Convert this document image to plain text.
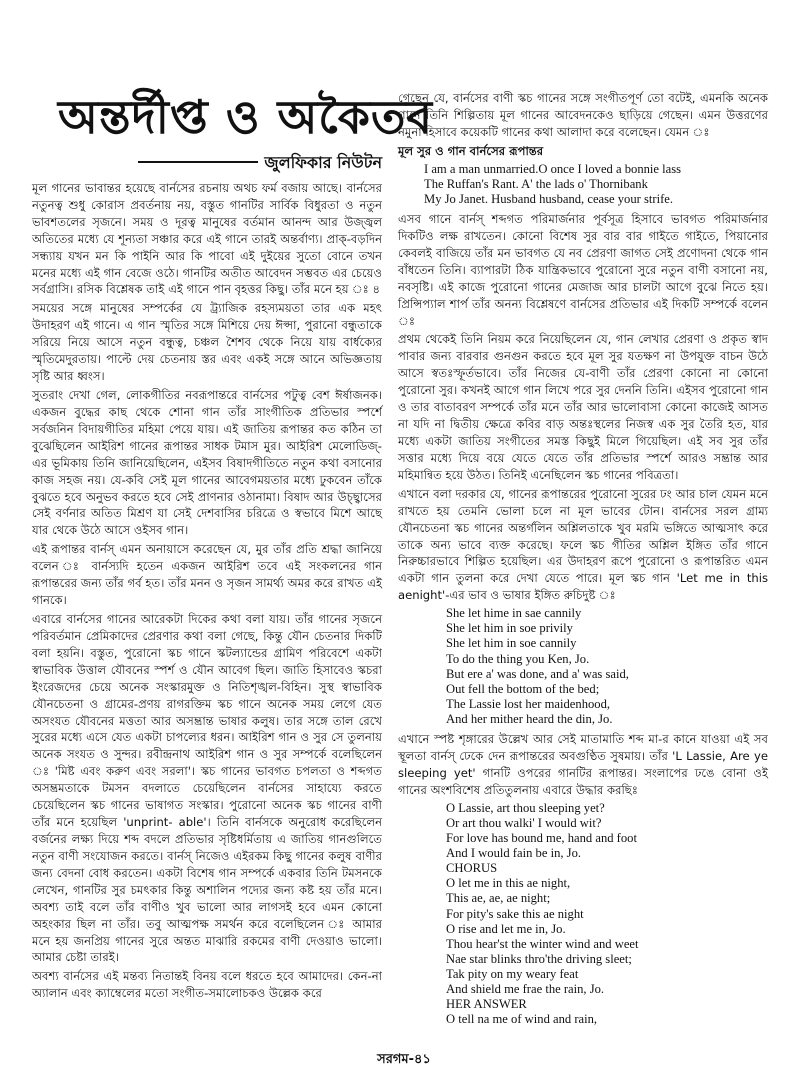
অন্তর্দীপ্ত ও অকৈতব
জুলফিকার নিউটন

মূল গানের ভাবান্তর হয়েছে বার্নসের রচনায় অথচ ফর্ম বজায় আছে। বার্নসের নতুনত্ব শুধু কোরাস প্রবর্তনায় নয়, বস্তুত গানটির সার্বিক বিধুরতা ও নতুন ভাবশতলের সৃজনে। সময় ও দূরত্ব মানুষের বর্তমান আনন্দ আর উজ্জ্বল অতিতের মধ্যে যে শূন্যতা সঞ্চার করে এই গানে তারই অন্তর্বাণ্য। প্রাক্-বড়দিন সন্ধ্যায় যখন মন কি পাইনি আর কি পাবো এই দুইয়ের সুতো বোনে তখন মনের মধ্যে এই গান বেজে ওঠে। গানটির অতীত আবেদন সম্ভবত এর চেয়েও সর্বগ্রাসি। রসিক বিশ্লেষক তাই এই গানে পান বৃহত্তর কিছু। তাঁর মনে হয় ঃ ৪

সময়ের সঙ্গে মানুষের সম্পর্কের যে ট্র্যাজিক রহস্যময়তা তার এক মহৎ উদাহরণ এই গানে। এ গান স্মৃতির সঙ্গে মিশিয়ে দেয় ঈপ্সা, পুরানো বন্ধুতাকে সরিয়ে নিয়ে আসে নতুন বন্ধুত্ব, চঞ্চল শৈশব থেকে নিয়ে যায় বার্ধক্যের স্মৃতিমেদুরতায়। পাল্টে দেয় চেতনায় স্তর এবং একই সঙ্গে আনে অভিজ্ঞতায় সৃষ্টি আর ধ্বংস।

সুতরাং দেখা গেল, লোকগীতির নবরূপান্তরে বার্নসের পটুত্ব বেশ ঈর্ষাজনক। একজন বুদ্ধের কাছ থেকে শোনা গান তাঁর সাংগীতিক প্রতিভার স্পর্শে সর্বজনিন বিদায়গীতির মহিমা পেয়ে যায়। এই জাতিয় রূপান্তর কত কঠিন তা বুঝেছিলেন আইরিশ গানের রূপান্তর সাধক টমাস মুর। আইরিশ মেলোডিজ্-এর ভূমিকায় তিনি জানিয়েছিলেন, এইসব বিষাদগীতিতে নতুন কথা বসানোর কাজ সহজ নয়। যে-কবি সেই মূল গানের আবেগময়তার মধ্যে ঢুকবেন তাঁকে বুঝতে হবে অনুভব করতে হবে সেই প্রাণনার ওঠানামা। বিষাদ আর উচ্ছ্বাসের সেই বর্ণনার অতিত মিশ্রণ যা সেই দেশবাসির চরিত্রে ও স্বভাবে মিশে আছে যার থেকে উঠে আসে ওইসব গান।

এই রূপান্তর বার্নস্ এমন অনায়াসে করেছেন যে, মুর তাঁর প্রতি শ্রদ্ধা জানিয়ে বলেন ঃ বার্নস্যদি হতেন একজন আইরিশ তবে এই সংকলনের গান রূপান্তরের জন্য তাঁর গর্ব হত। তাঁর মনন ও সৃজন সামর্থ্য অমর করে রাখত এই গানকে।

এবারে বার্নসের গানের আরেকটা দিকের কথা বলা যায়। তাঁর গানের সৃজনে পরিবর্তমান প্রেমিকাদের প্রেরণার কথা বলা গেছে, কিন্তু যৌন চেতনার দিকটি বলা হয়নি। বস্তুত, পুরোনো স্কচ গানে স্কটল্যান্ডের গ্রামিণ পরিবেশে একটা স্বাভাবিক উত্তাল যৌবনের স্পর্শ ও যৌন আবেগ ছিল। জাতি হিসাবেও স্কচরা ইংরেজদের চেয়ে অনেক সংস্কারমুক্ত ও নিতিশৃঙ্খল-বিহিন। সুস্থ স্বাভাবিক যৌনচেতনা ও গ্রামের-প্রণয় রাগরক্তিম স্কচ গানে অনেক সময় লেগে যেত অসংযত যৌবনের মত্ততা আর অসম্ভ্রান্ত ভাষার কলুষ। তার সঙ্গে তাল রেখে সুরের মধ্যে এসে যেত একটা চাপল্যের ধরন। আইরিশ গান ও সুর সে তুলনায় অনেক সংযত ও সুন্দর। রবীন্দ্রনাথ আইরিশ গান ও সুর সম্পর্কে বলেছিলেন ঃ 'মিষ্ট এবং করুণ এবং সরলা'। স্কচ গানের ভাবগত চপলতা ও শব্দগত অসম্ভ্রমতাকে টমসন বদলাতে চেয়েছিলেন বার্নসের সাহায্যে করতে চেয়েছিলেন স্কচ গানের ভাষাগত সংস্কার। পুরোনো অনেক স্কচ গানের বাণী তাঁর মনে হয়েছিল 'unprint- able'। তিনি বার্নসকে অনুরোধ করেছিলেন বর্জনের লক্ষ্য দিয়ে শব্দ বদলে প্রতিভার সৃষ্টিধর্মিতায় এ জাতিয় গানগুলিতে নতুন বাণী সংযোজন করতে। বার্নস্ নিজেও এইরকম কিছু গানের কলুষ বাণীর জন্য বেদনা বোধ করতেন। একটা বিশেষ গান সম্পর্কে একবার তিনি টমসনকে লেখেন, গানটির সুর চমৎকার কিন্তু অশালিন পদ্যের জন্য কষ্ট হয় তাঁর মনে। অবশ্য তাই বলে তাঁর বাণীও খুব ভালো আর লাগসই হবে এমন কোনো অহংকার ছিল না তাঁর। তবু আত্মপক্ষ সমর্থন করে বলেছিলেন ঃ আমার মনে হয় জনপ্রিয় গানের সুরে অন্তত মাঝারি রকমের বাণী দেওয়াও ভালো। আমার চেষ্টা তারই।

অবশ্য বার্নসের এই মন্তব্য নিতান্তই বিনয় বলে ধরতে হবে আমাদের। কেন-না অ্যালান এবং ক্যাম্বেলের মতো সংগীত-সমালোচকও উল্লেক করে

গেছেন যে, বার্নসের বাণী স্কচ গানের সঙ্গে সংগীতপূর্ণ তো বটেই, এমনকি অনেক গানে তিনি শিল্পিতায় মূল গানের আবেদনকেও ছাড়িয়ে গেছেন। এমন উত্তরণের নমুনা হিসাবে কয়েকটি গানের কথা আলাদা করে বলেছেন। যেমন ঃ

মূল সুর ও গান বার্নসের রূপান্তর

I am a man unmarried.O once I loved a bonnie lass
The Ruffan's Rant. A' the lads o' Thornibank
My Jo Janet. Husband husband, cease your strife.

এসব গানে বার্নস্ শব্দগত পরিমার্জনার পূর্বসূত্র হিসাবে ভাবগত পরিমার্জনার দিকটিও লক্ষ রাখতেন। কোনো বিশেষ সুর বার বার গাইতে গাইতে, পিয়ানোর কেবলই বাজিয়ে তাঁর মন ভাবগত যে নব প্রেরণা জাগত সেই প্রণোদনা থেকে গান বাঁধতেন তিনি। ব্যাপারটা ঠিক যান্ত্রিকভাবে পুরোনো সুরে নতুন বাণী বসানো নয়, নবসৃষ্টি। এই কাজে পুরোনো গানের মেজাজ আর চালটা আগে বুঝে নিতে হয়। প্রিন্সিপ্যাল শার্প তাঁর অনন্য বিশ্লেষণে বার্নসের প্রতিভার এই দিকটি সম্পর্কে বলেন ঃ

প্রথম থেকেই তিনি নিয়ম করে নিয়েছিলেন যে, গান লেখার প্রেরণা ও প্রকৃত স্বাদ পাবার জন্য বারবার গুনগুন করতে হবে মূল সুর যতক্ষণ না উপযুক্ত বাচন উঠে আসে স্বতঃস্ফূর্তভাবে। তাঁর নিজের যে-বাণী তাঁর প্রেরণা কোনো না কোনো পুরোনো সুর। কখনই আগে গান লিখে পরে সুর দেননি তিনি। এইসব পুরোনো গান ও তার বাতাবরণ সম্পর্কে তাঁর মনে তাঁর আর ভালোবাসা কোনো কাজেই আসত না যদি না দ্বিতীয় ক্ষেত্রে কবির বাড় অন্তঃস্থলের নিজস্ব এক সুর তৈরি হত, যার মধ্যে একটা জাতিয় সংগীতের সমস্ত কিছুই মিলে গিয়েছিল। এই সব সুর তাঁর সত্তার মধ্যে দিয়ে বয়ে যেতে যেতে তাঁর প্রতিভার স্পর্শে আরও সম্ভ্রান্ত আর মহিমান্বিত হয়ে উঠত। তিনিই এনেছিলেন স্কচ গানের পবিত্রতা।

এখানে বলা দরকার যে, গানের রূপান্তরের পুরোনো সুরের ঢং আর চাল যেমন মনে রাখতে হয় তেমনি ভোলা চলে না মূল ভাবের টোন। বার্নসের সরল গ্রাম্য যৌনচেতনা স্কচ গানের অন্তর্গলিন অশ্লিলতাকে খুব মরমি ভঙ্গিতে আত্মসাৎ করে তাকে অন্য ভাবে ব্যক্ত করেছে। ফলে স্কচ গীতির অশ্লিল ইঙ্গিত তাঁর গানে নিরুচ্চারভাবে শিল্পিত হয়েছিল। এর উদাহরণ রূপে পুরোনো ও রূপান্তরিত এমন একটা গান তুলনা করে দেখা যেতে পারে। মূল স্কচ গান 'Let me in this aenight'-এর ভাব ও ভাষার ইঙ্গিত রুচিদুষ্ট ঃ

She let hime in sae cannily
She let him in soe privily
She let him in soe cannily
To do the thing you Ken, Jo.
But ere a' was done, and a' was said,
Out fell the bottom of the bed;
The Lassie lost her maidenhood,
And her mither heard the din, Jo.

এখানে স্পষ্ট শৃঙ্গারের উল্লেখ আর সেই মাতামাতি শব্দ মা-র কানে যাওয়া এই সব স্থূলতা বার্নস্ ঢেকে দেন রূপান্তরের অবগুণ্ঠিত সুষমায়। তাঁর 'L Lassie, Are ye sleeping yet' গানটি ওপরের গানটির রূপান্তর। সংলাপের ঢঙে বোনা ওই গানের অংশবিশেষ প্রতিতুলনায় এবারে উদ্ধার করছিঃ

O Lassie, art thou sleeping yet?
Or art thou walki' I would wit?
For love has bound me, hand and foot
And I would fain be in, Jo.
CHORUS
O let me in this ae night,
This ae, ae, ae night;
For pity's sake this ae night
O rise and let me in, Jo.
Thou hear'st the winter wind and weet
Nae star blinks thro'the driving sleet;
Tak pity on my weary feat
And shield me frae the rain, Jo.
HER ANSWER
O tell na me of wind and rain,
সরগম-৪১
